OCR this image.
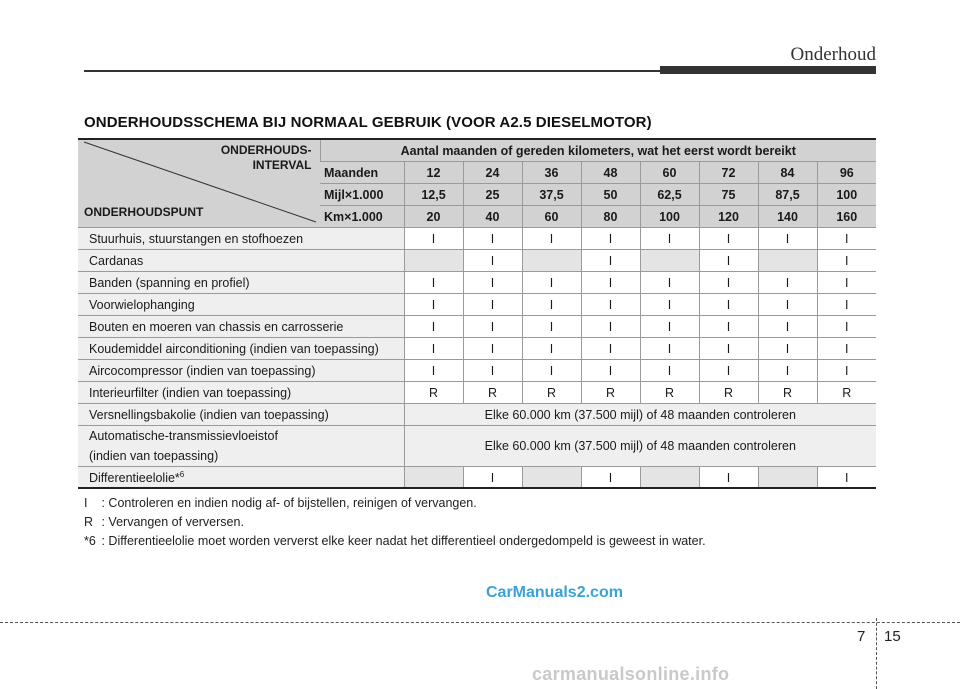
Onderhoud
ONDERHOUDSSCHEMA BIJ NORMAAL GEBRUIK (VOOR A2.5 DIESELMOTOR)
ONDERHOUDS-
INTERVAL
ONDERHOUDSPUNT	Aantal maanden of gereden kilometers, wat het eerst wordt bereikt								
	Maanden	12	24	36	48	60	72	84	96
	Mijl×1.000	12,5	25	37,5	50	62,5	75	87,5	100
	Km×1.000	20	40	60	80	100	120	140	160
Stuurhuis, stuurstangen en stofhoezen		I	I	I	I	I	I	I	I
Cardanas			I		I		I		I
Banden (spanning en profiel)		I	I	I	I	I	I	I	I
Voorwielophanging		I	I	I	I	I	I	I	I
Bouten en moeren van chassis en carrosserie		I	I	I	I	I	I	I	I
Koudemiddel airconditioning (indien van toepassing)		I	I	I	I	I	I	I	I
Aircocompressor (indien van toepassing)		I	I	I	I	I	I	I	I
Interieurfilter (indien van toepassing)		R	R	R	R	R	R	R	R
Versnellingsbakolie (indien van toepassing)		Elke 60.000 km (37.500 mijl) of 48 maanden controleren							
Automatische-transmissievloeistof
(indien van toepassing)		Elke 60.000 km (37.500 mijl) of 48 maanden controleren							
Differentieelolie*$^6$			I		I		I		I
I : Controleren en indien nodig af- of bijstellen, reinigen of vervangen.
R : Vervangen of verversen.
*6 : Differentieelolie moet worden ververst elke keer nadat het differentieel ondergedompeld is geweest in water.
CarManuals2.com
7 15
carmanualsonline.info
